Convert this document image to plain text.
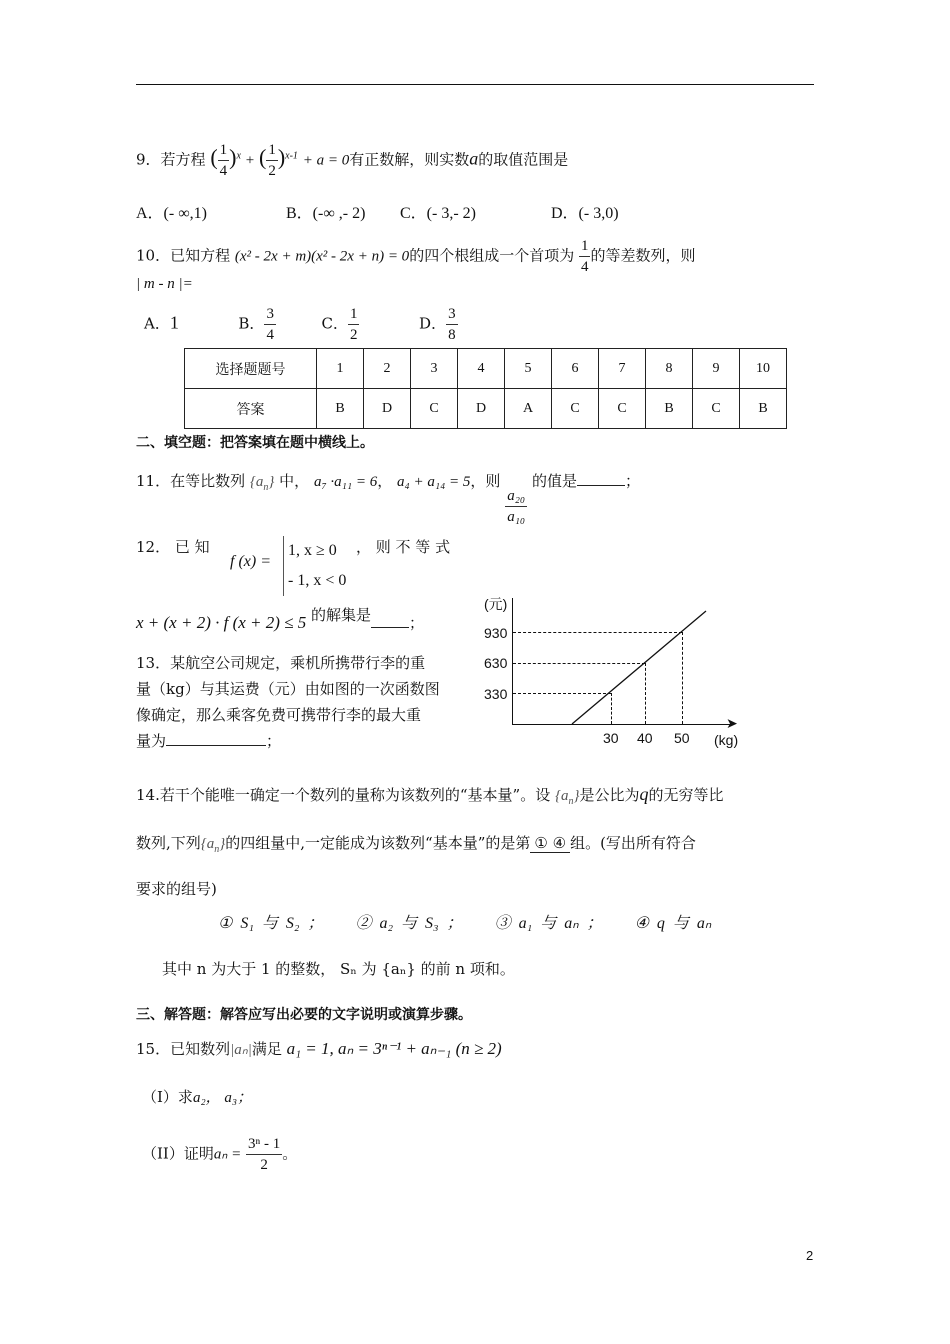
9．若方程 ( $\frac{1}{4} )^x$ + ( $\frac{1}{2} )^{x-1} + a = 0$有正数解，则实数a的取值范围是
A．(- ∞,1)	B．(-∞ ,- 2) C．(- 3,- 2)	D．(- 3,0)
10．已知方程 (x² - 2x + m)(x² - 2x + n) = 0的四个根组成一个首项为 $\frac{1}{4}$ 的等差数列，则
| m - n |=
A．1	B． $\frac{3}{4}$	C． $\frac{1}{2}$	D． $\frac{3}{8}$
选择题题号	1	2	3	4	5	6	7	8	9	10
答案	B	D	C	D	A	C	C	B	C	B
二、填空题：把答案填在题中横线上。
11．在等比数列 $\{a_n\}$ 中， a₇ ·a₁₁ = 6， a₄ + a₁₄ = 5，则
$\frac{\text{a₂₀}}{\text{a₁₀}}$
的值是	；
12． 已 知
f (x) =
1, x ≥ 0
- 1, x < 0
， 则 不 等 式
x + (x + 2) · f (x + 2) ≤ 5 的解集是	；
13．某航空公司规定，乘机所携带行李的重
量（kg）与其运费（元）由如图的一次函数图
像确定，那么乘客免费可携带行李的最大重
量为	；
➤
(元)
(kg)
930
630
330
30 40 50
14.若干个能唯一确定一个数列的量称为该数列的“基本量”。设 $\{a_n\}$是公比为q的无穷等比
数列,下列$\{a_n\}$的四组量中,一定能成为该数列“基本量”的是第 ① ④ 组。(写出所有符合
要求的组号)
① S₁ 与 S₂ ； ② a₂ 与 S₃ ； ③ a₁ 与 aₙ ； ④ q 与 aₙ
其中 n 为大于 1 的整数， Sₙ 为 {aₙ} 的前 n 项和。
三、解答题：解答应写出必要的文字说明或演算步骤。
15．已知数列|aₙ|满足 a₁ = 1, aₙ = 3ⁿ⁻¹ + aₙ₋₁ (n ≥ 2)
（I）求a₂， a₃；
（II）证明$a_n = \frac{\text{3ⁿ - 1}}{2}$ 。
2
